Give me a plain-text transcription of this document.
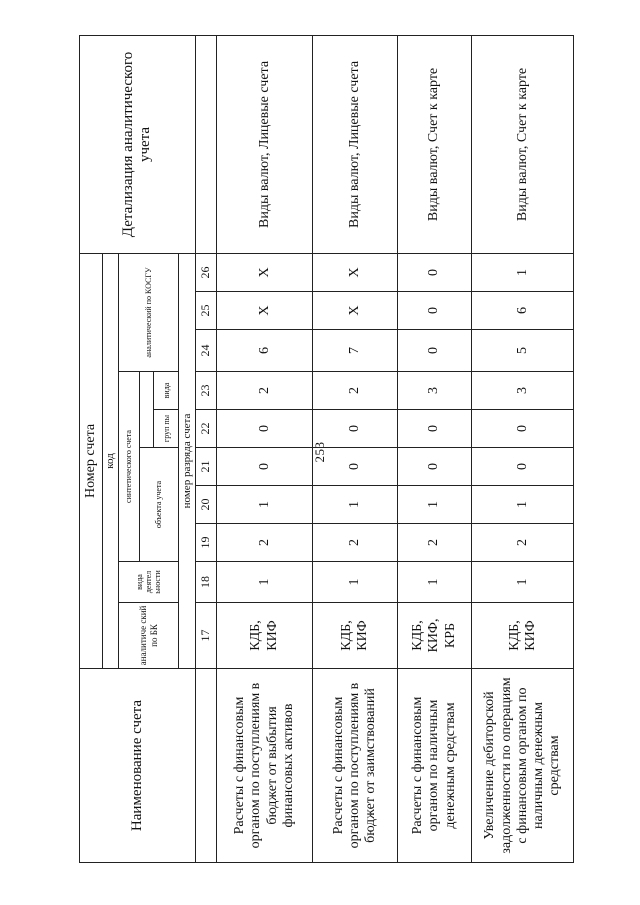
253
Наименование счета	Номер счета										Детализация аналитического учета
	код										
	аналитиче ский по БК	вида деятел ьности	синтетического счета					аналитический по КОСГУ			
			объекта учета								
						груп пы	вида				
	номер разряда счета										
	17	18	19	20	21	22	23	24	25	26	
Расчеты с финансовым органом по поступлениям в бюджет от выбытия финансовых активов	КДБ, КИФ	1	2	1	0	0	2	6	X	X	Виды валют, Лицевые счета
Расчеты с финансовым органом по поступлениям в бюджет от заимствований	КДБ, КИФ	1	2	1	0	0	2	7	X	X	Виды валют, Лицевые счета
Расчеты с финансовым органом по наличным денежным средствам	КДБ, КИФ, КРБ	1	2	1	0	0	3	0	0	0	Виды валют, Счет к карте
Увеличение дебиторской задолженности по операциям с финансовым органом по наличным денежным средствам	КДБ, КИФ	1	2	1	0	0	3	5	6	1	Виды валют, Счет к карте
